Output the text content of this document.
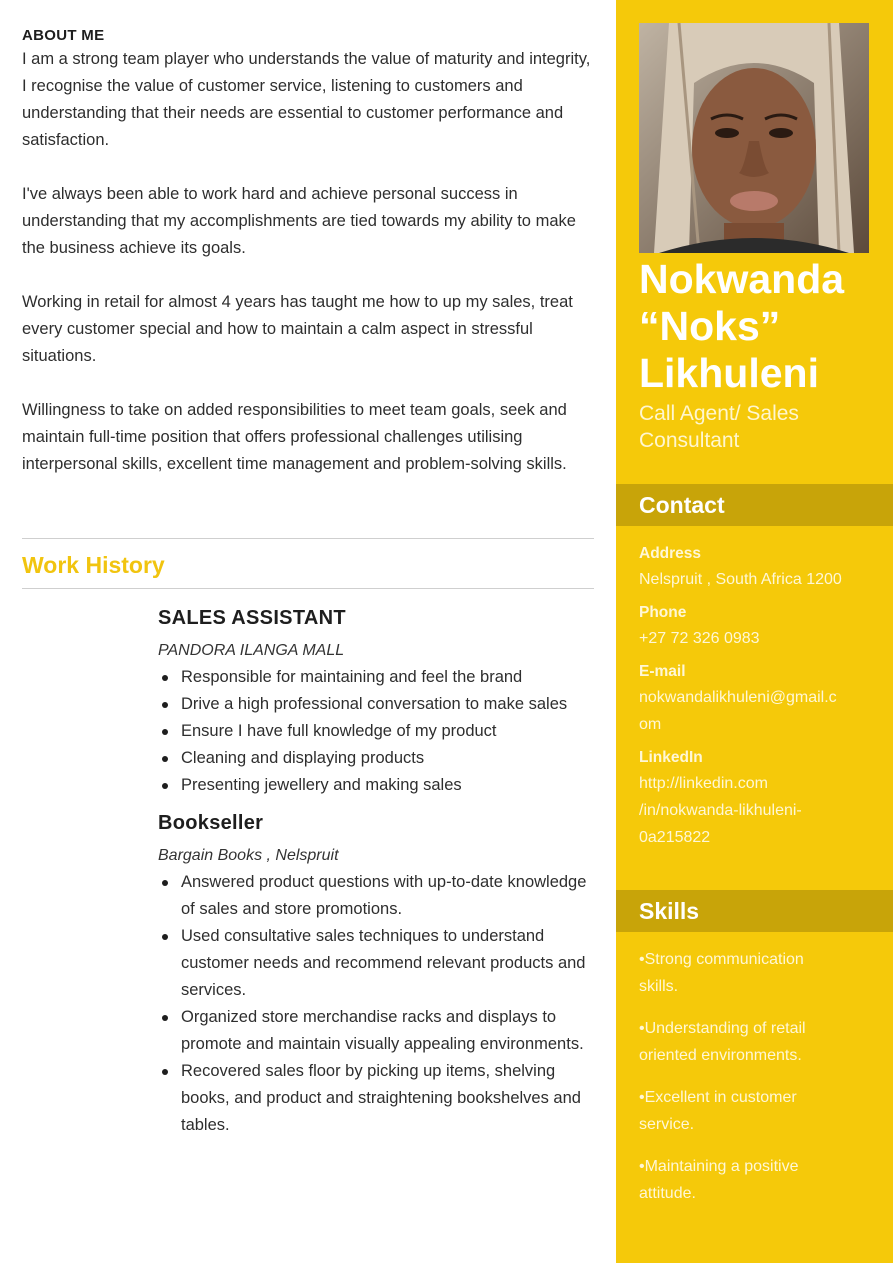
ABOUT ME

I am a strong team player who understands the value of maturity and integrity, I recognise the value of customer service, listening to customers and understanding that their needs are essential to customer performance and satisfaction.

I've always been able to work hard and achieve personal success in understanding that my accomplishments are tied towards my ability to make the business achieve its goals.

Working in retail for almost 4 years has taught me how to up my sales, treat every customer special and how to maintain a calm aspect in stressful situations.

Willingness to take on added responsibilities to meet team goals, seek and maintain full-time position that offers professional challenges utilising interpersonal skills, excellent time management and problem-solving skills.

Work History
SALES ASSISTANT
PANDORA ILANGA MALL
Responsible for maintaining and feel the brand
Drive a high professional conversation to make sales
Ensure I have full knowledge of my product
Cleaning and displaying products
Presenting jewellery and making sales
Bookseller
Bargain Books , Nelspruit
Answered product questions with up-to-date knowledge of sales and store promotions.
Used consultative sales techniques to understand customer needs and recommend relevant products and services.
Organized store merchandise racks and displays to promote and maintain visually appealing environments.
Recovered sales floor by picking up items, shelving books, and product and straightening bookshelves and tables.
Nokwanda
“Noks”
Likhuleni
Call Agent/ Sales
Consultant
Contact
Address
Nelspruit , South Africa 1200
Phone
+27 72 326 0983
E-mail
nokwandalikhuleni@gmail.c
om
LinkedIn
http://linkedin.com
/in/nokwanda-likhuleni-
0a215822
Skills
•Strong communication
skills.
•Understanding of retail
oriented environments.
•Excellent in customer
service.
•Maintaining a positive
attitude.
